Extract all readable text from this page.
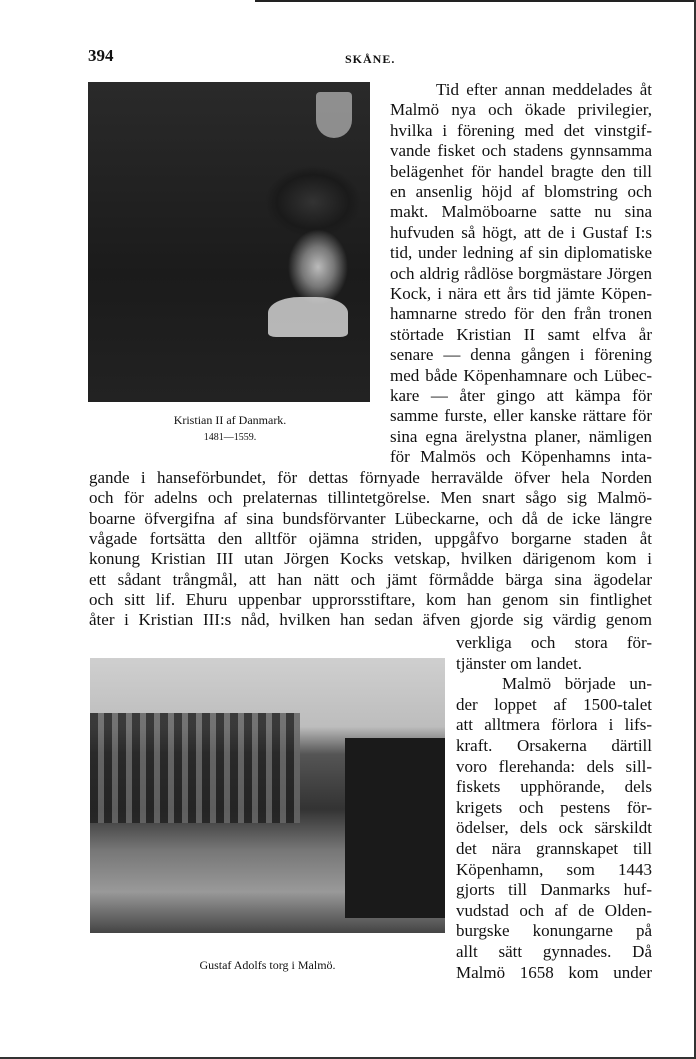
394	SKÅNE.
Kristian II af Danmark.
1481—1559.
Gustaf Adolfs torg i Malmö.
Tid efter annan meddelades åt
Malmö nya och ökade privilegier,
hvilka i förening med det vinstgif-
vande fisket och stadens gynnsamma
belägenhet för handel bragte den till
en ansenlig höjd af blomstring och
makt. Malmöboarne satte nu sina
hufvuden så högt, att de i Gustaf I:s
tid, under ledning af sin diplomatiske
och aldrig rådlöse borgmästare Jörgen
Kock, i nära ett års tid jämte Köpen-
hamnarne stredo för den från tronen
störtade Kristian II samt elfva år
senare — denna gången i förening
med både Köpenhamnare och Lübec-
kare — åter gingo att kämpa för
samme furste, eller kanske rättare för
sina egna ärelystna planer, nämligen
för Malmös och Köpenhamns inta-
gande i hanseförbundet, för dettas förnyade herravälde öfver hela Norden
och för adelns och prelaternas tillintetgörelse. Men snart sågo sig Malmö-
boarne öfvergifna af sina bundsförvanter Lübeckarne, och då de icke längre
vågade fortsätta den alltför ojämna striden, uppgåfvo borgarne staden åt
konung Kristian III utan Jörgen Kocks vetskap, hvilken därigenom kom i
ett sådant trångmål, att han nätt och jämt förmådde bärga sina ägodelar
och sitt lif. Ehuru uppenbar upprorsstiftare, kom han genom sin fintlighet
åter i Kristian III:s nåd, hvilken han sedan äfven gjorde sig värdig genom
verkliga och stora för-
tjänster om landet.
Malmö började un-
der loppet af 1500-talet
att alltmera förlora i lifs-
kraft. Orsakerna därtill
voro flerehanda: dels sill-
fiskets upphörande, dels
krigets och pestens för-
ödelser, dels ock särskildt
det nära grannskapet till
Köpenhamn, som 1443
gjorts till Danmarks huf-
vudstad och af de Olden-
burgske konungarne på
allt sätt gynnades. Då
Malmö 1658 kom under
